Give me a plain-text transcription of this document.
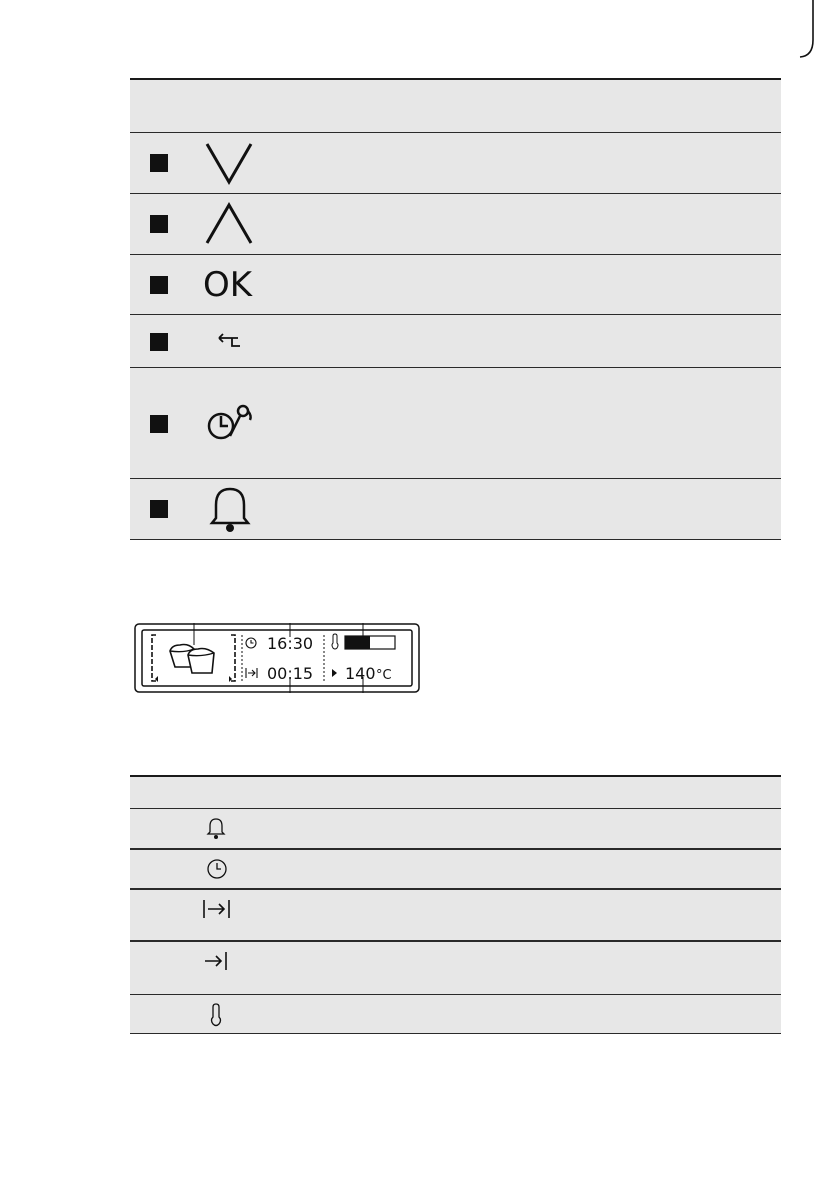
OK
16:30
00:15 140 °C
